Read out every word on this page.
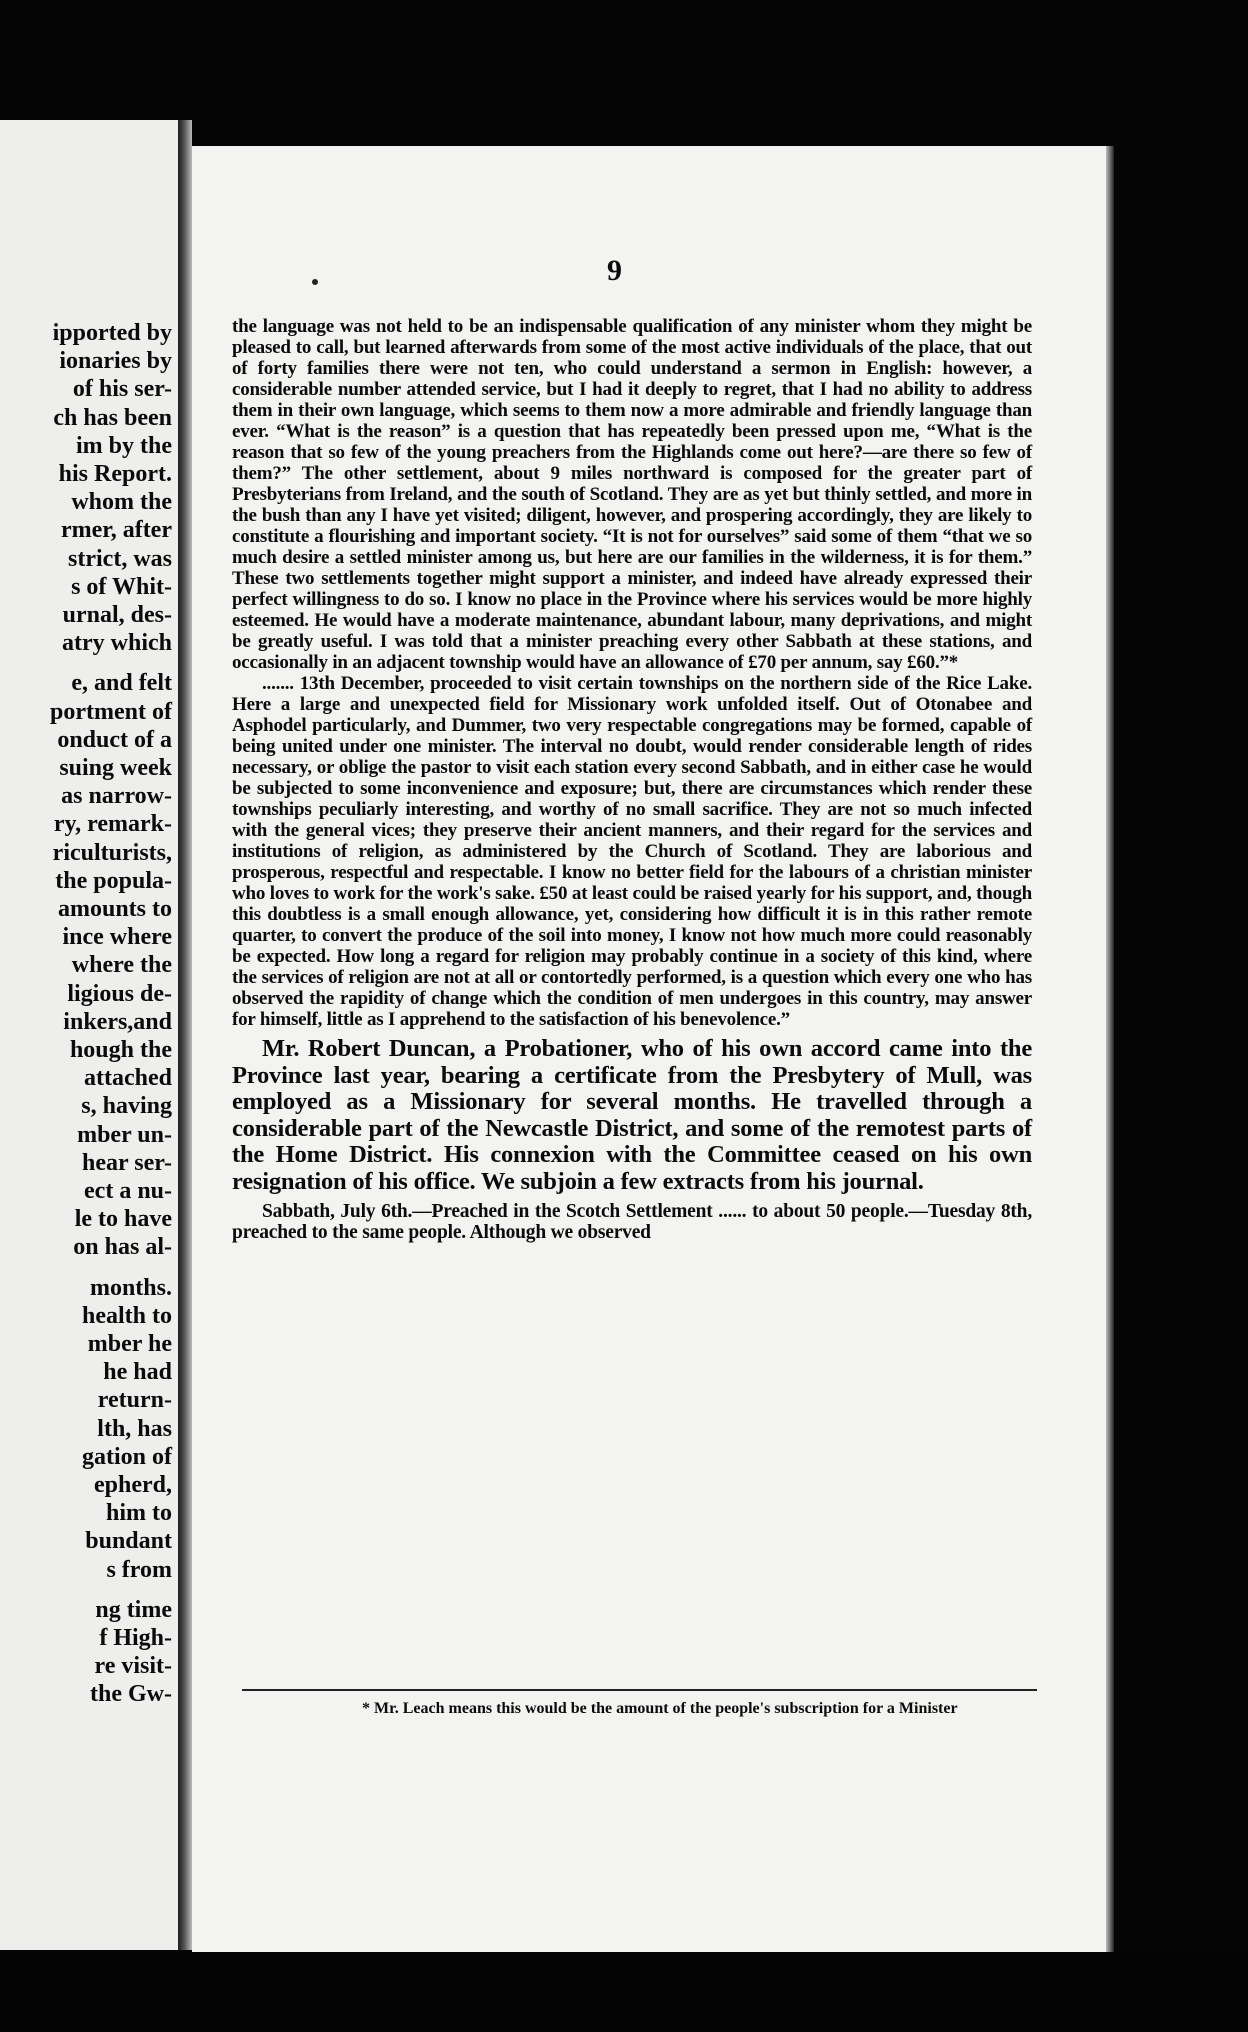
ipported by
ionaries by
of his ser-
ch has been
im by the
his Report.
whom the
rmer, after
strict, was
s of Whit-
urnal, des-
atry which
e, and felt
portment of
onduct of a
suing week
as narrow-
ry, remark-
riculturists,
the popula-
amounts to
ince where
where the
ligious de-
inkers,and
hough the
attached
s, having
mber un-
hear ser-
ect a nu-
le to have
on has al-
months.
health to
mber he
he had
return-
lth, has
gation of
epherd,
him to
bundant
s from
ng time
f High-
re visit-
the Gw-
9

the language was not held to be an indispensable qualification of any minister whom they might be pleased to call, but learned afterwards from some of the most active individuals of the place, that out of forty families there were not ten, who could understand a sermon in English: however, a considerable number attended service, but I had it deeply to regret, that I had no ability to address them in their own language, which seems to them now a more admirable and friendly language than ever. “What is the reason” is a question that has repeatedly been pressed upon me, “What is the reason that so few of the young preachers from the Highlands come out here?—are there so few of them?” The other settlement, about 9 miles northward is composed for the greater part of Presbyterians from Ireland, and the south of Scotland. They are as yet but thinly settled, and more in the bush than any I have yet visited; diligent, however, and prospering accordingly, they are likely to constitute a flourishing and important society. “It is not for ourselves” said some of them “that we so much desire a settled minister among us, but here are our families in the wilderness, it is for them.” These two settlements together might support a minister, and indeed have already expressed their perfect willingness to do so. I know no place in the Province where his services would be more highly esteemed. He would have a moderate maintenance, abundant labour, many deprivations, and might be greatly useful. I was told that a minister preaching every other Sabbath at these stations, and occasionally in an adjacent township would have an allowance of £70 per annum, say £60.”*

....... 13th December, proceeded to visit certain townships on the northern side of the Rice Lake. Here a large and unexpected field for Missionary work unfolded itself. Out of Otonabee and Asphodel particularly, and Dummer, two very respectable congregations may be formed, capable of being united under one minister. The interval no doubt, would render considerable length of rides necessary, or oblige the pastor to visit each station every second Sabbath, and in either case he would be subjected to some inconvenience and exposure; but, there are circumstances which render these townships peculiarly interesting, and worthy of no small sacrifice. They are not so much infected with the general vices; they preserve their ancient manners, and their regard for the services and institutions of religion, as administered by the Church of Scotland. They are laborious and prosperous, respectful and respectable. I know no better field for the labours of a christian minister who loves to work for the work's sake. £50 at least could be raised yearly for his support, and, though this doubtless is a small enough allowance, yet, considering how difficult it is in this rather remote quarter, to convert the produce of the soil into money, I know not how much more could reasonably be expected. How long a regard for religion may probably continue in a society of this kind, where the services of religion are not at all or contortedly performed, is a question which every one who has observed the rapidity of change which the condition of men undergoes in this country, may answer for himself, little as I apprehend to the satisfaction of his benevolence.”

Mr. Robert Duncan, a Probationer, who of his own accord came into the Province last year, bearing a certificate from the Presbytery of Mull, was employed as a Missionary for several months. He travelled through a considerable part of the Newcastle District, and some of the remotest parts of the Home District. His connexion with the Committee ceased on his own resignation of his office. We subjoin a few extracts from his journal.

Sabbath, July 6th.—Preached in the Scotch Settlement ...... to about 50 people.—Tuesday 8th, preached to the same people. Although we observed

* Mr. Leach means this would be the amount of the people's subscription for a Minister
